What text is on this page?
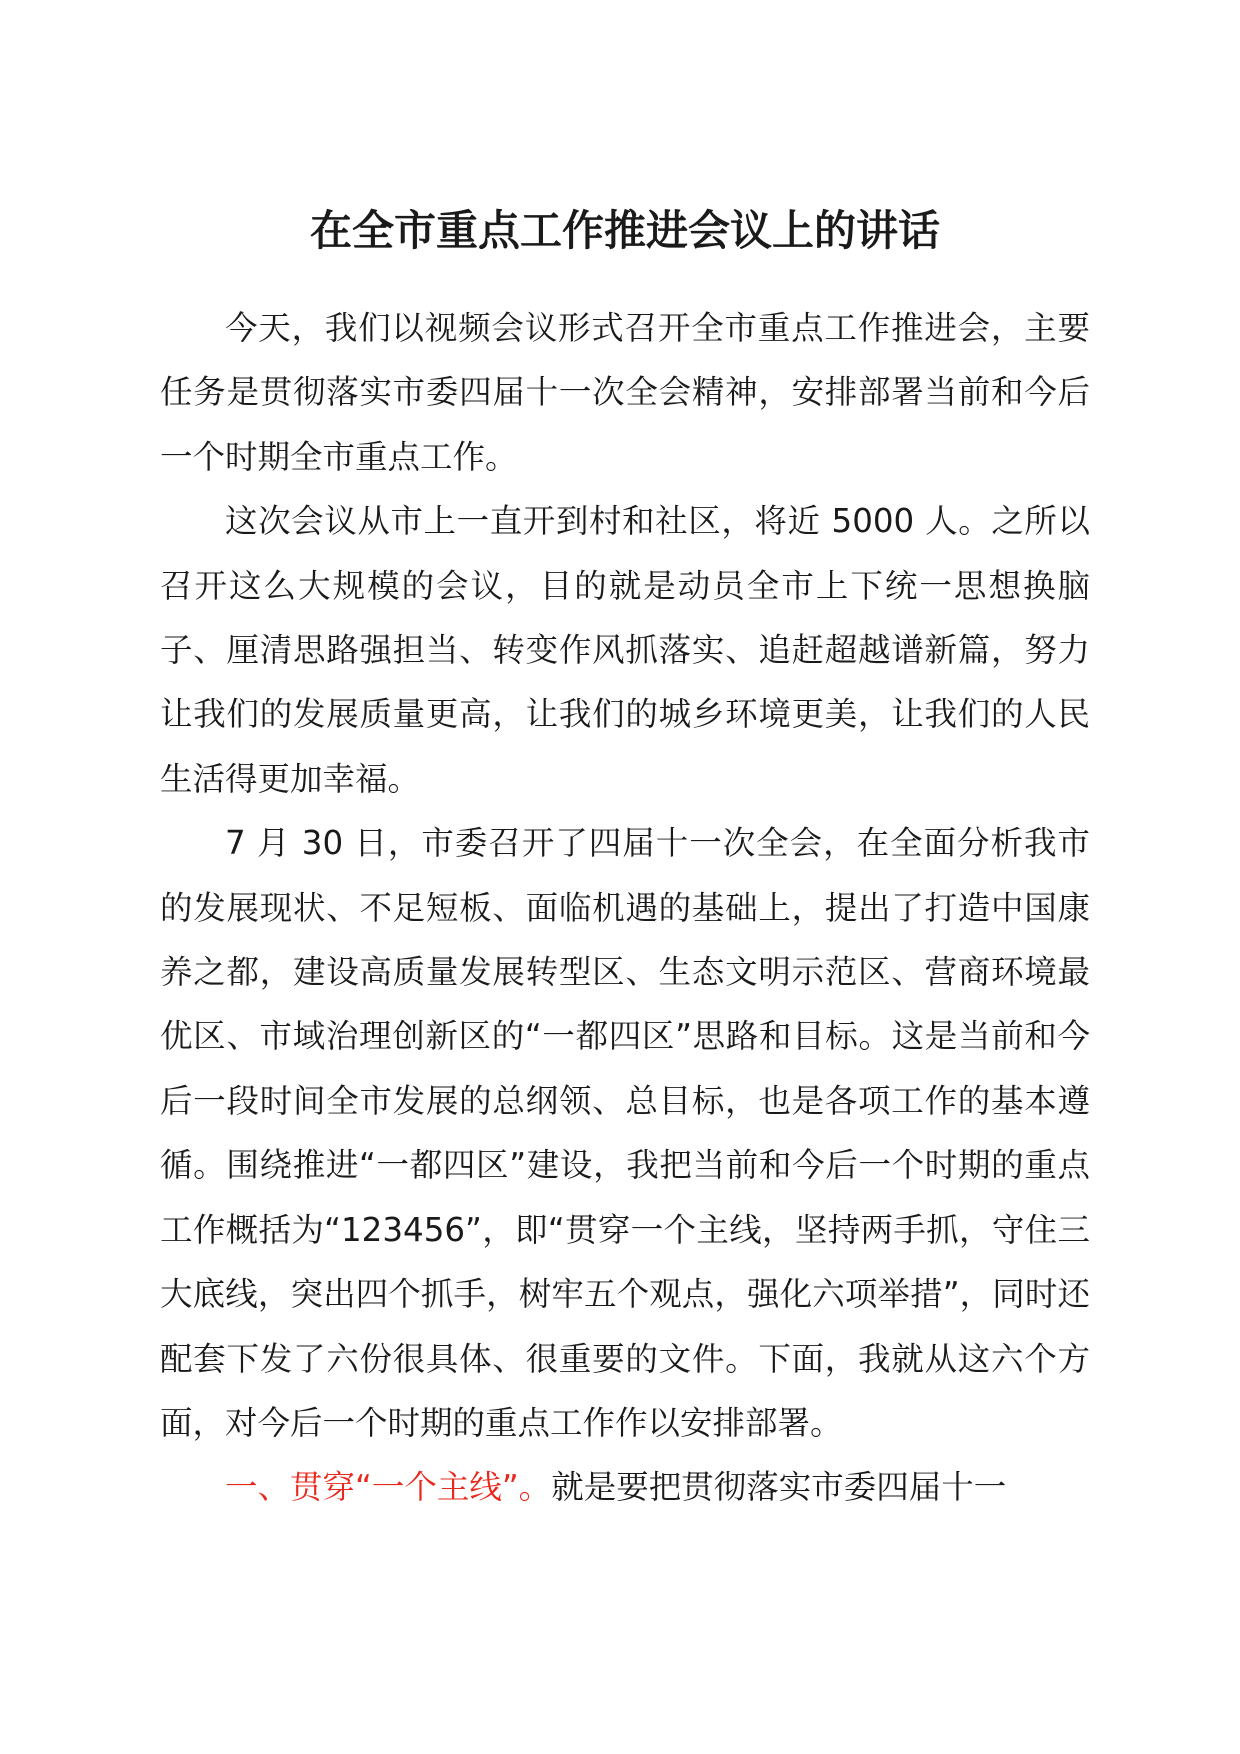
在全市重点工作推进会议上的讲话

今天，我们以视频会议形式召开全市重点工作推进会，主要任务是贯彻落实市委四届十一次全会精神，安排部署当前和今后一个时期全市重点工作。

这次会议从市上一直开到村和社区，将近 5000 人。之所以召开这么大规模的会议，目的就是动员全市上下统一思想换脑子、厘清思路强担当、转变作风抓落实、追赶超越谱新篇，努力让我们的发展质量更高，让我们的城乡环境更美，让我们的人民生活得更加幸福。

7 月 30 日，市委召开了四届十一次全会，在全面分析我市的发展现状、不足短板、面临机遇的基础上，提出了打造中国康养之都，建设高质量发展转型区、生态文明示范区、营商环境最优区、市域治理创新区的“一都四区”思路和目标。这是当前和今后一段时间全市发展的总纲领、总目标，也是各项工作的基本遵循。围绕推进“一都四区”建设，我把当前和今后一个时期的重点工作概括为“123456”，即“贯穿一个主线，坚持两手抓，守住三大底线，突出四个抓手，树牢五个观点，强化六项举措”，同时还配套下发了六份很具体、很重要的文件。下面，我就从这六个方面，对今后一个时期的重点工作作以安排部署。

一、贯穿“一个主线”。就是要把贯彻落实市委四届十一
